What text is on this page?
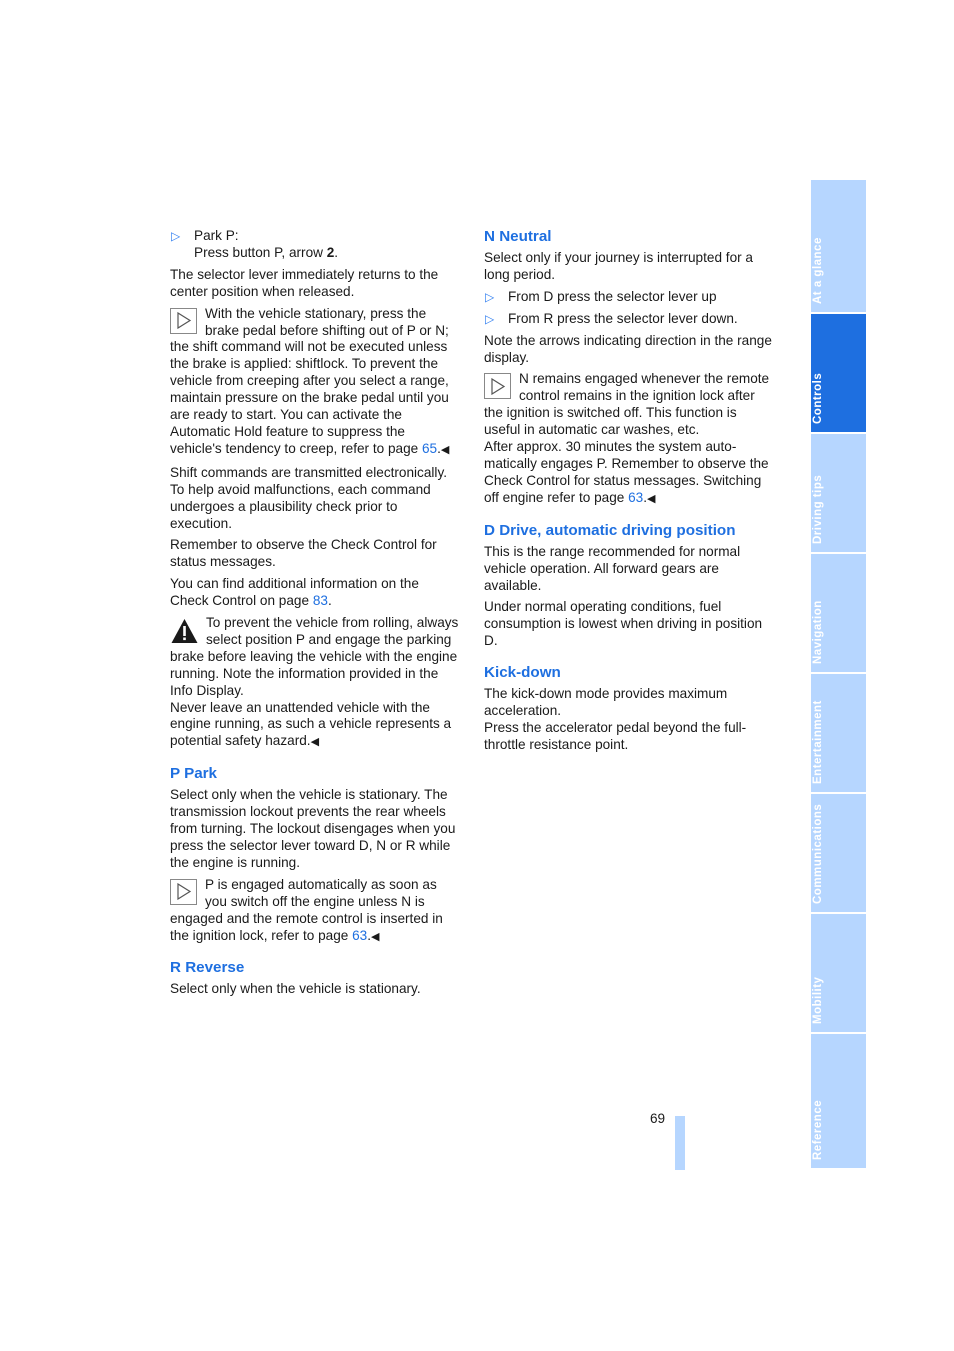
▷ Park P:
Press button P, arrow 2.

The selector lever immediately returns to the center position when released.

With the vehicle stationary, press the brake pedal before shifting out of P or N; the shift command will not be executed unless the brake is applied: shiftlock. To prevent the vehicle from creeping after you select a range, maintain pressure on the brake pedal until you are ready to start. You can activate the Automatic Hold feature to suppress the vehicle's tendency to creep, refer to page 65.◀

Shift commands are transmitted electronically. To help avoid malfunctions, each command undergoes a plausibility check prior to execution.

Remember to observe the Check Control for status messages.

You can find additional information on the Check Control on page 83.

To prevent the vehicle from rolling, always select position P and engage the parking brake before leaving the vehicle with the engine running. Note the information provided in the Info Display.
Never leave an unattended vehicle with the engine running, as such a vehicle represents a potential safety hazard.◀
P Park

Select only when the vehicle is stationary. The transmission lockout prevents the rear wheels from turning. The lockout disengages when you press the selector lever toward D, N or R while the engine is running.

P is engaged automatically as soon as you switch off the engine unless N is engaged and the remote control is inserted in the ignition lock, refer to page 63.◀
R Reverse

Select only when the vehicle is stationary.

N Neutral

Select only if your journey is interrupted for a long period.

▷ From D press the selector lever up
▷ From R press the selector lever down.

Note the arrows indicating direction in the range display.

N remains engaged whenever the remote control remains in the ignition lock after the ignition is switched off. This function is useful in automatic car washes, etc.
After approx. 30 minutes the system automatically engages P. Remember to observe the Check Control for status messages. Switching off engine refer to page 63.◀
D Drive, automatic driving position

This is the range recommended for normal vehicle operation. All forward gears are available.

Under normal operating conditions, fuel consumption is lowest when driving in position D.

Kick-down

The kick-down mode provides maximum acceleration.

Press the accelerator pedal beyond the full-throttle resistance point.

69
At a glance
Controls
Driving tips
Navigation
Entertainment
Communications
Mobility
Reference
